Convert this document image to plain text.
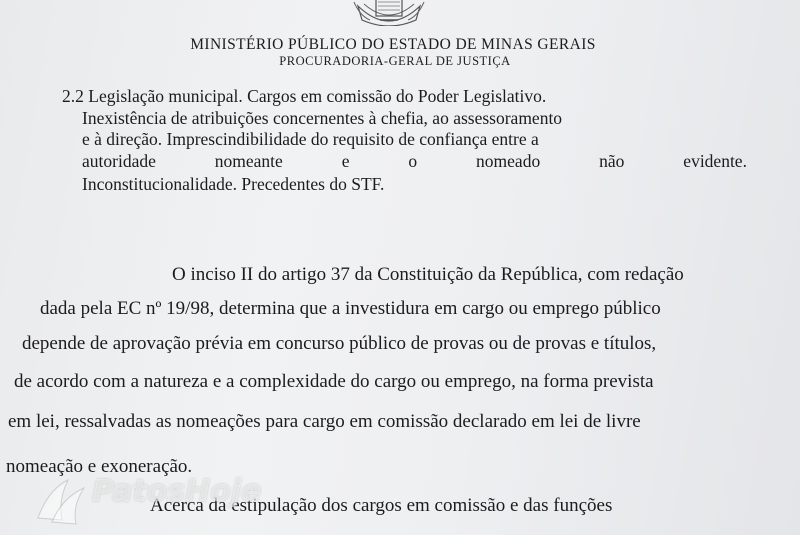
MINISTÉRIO PÚBLICO DO ESTADO DE MINAS GERAIS
PROCURADORIA-GERAL DE JUSTIÇA
2.2 Legislação municipal. Cargos em comissão do Poder Legislativo.
Inexistência de atribuições concernentes à chefia, ao assessoramento
e à direção. Imprescindibilidade do requisito de confiança entre a
autoridade	nomeante	e	o	nomeado	não	evidente.
Inconstitucionalidade. Precedentes do STF.
O inciso II do artigo 37 da Constituição da República, com redação
dada pela EC nº 19/98, determina que a investidura em cargo ou emprego público
depende de aprovação prévia em concurso público de provas ou de provas e títulos,
de acordo com a natureza e a complexidade do cargo ou emprego, na forma prevista
em lei, ressalvadas as nomeações para cargo em comissão declarado em lei de livre
nomeação e exoneração.
Acerca da estipulação dos cargos em comissão e das funções
PatosHoje
